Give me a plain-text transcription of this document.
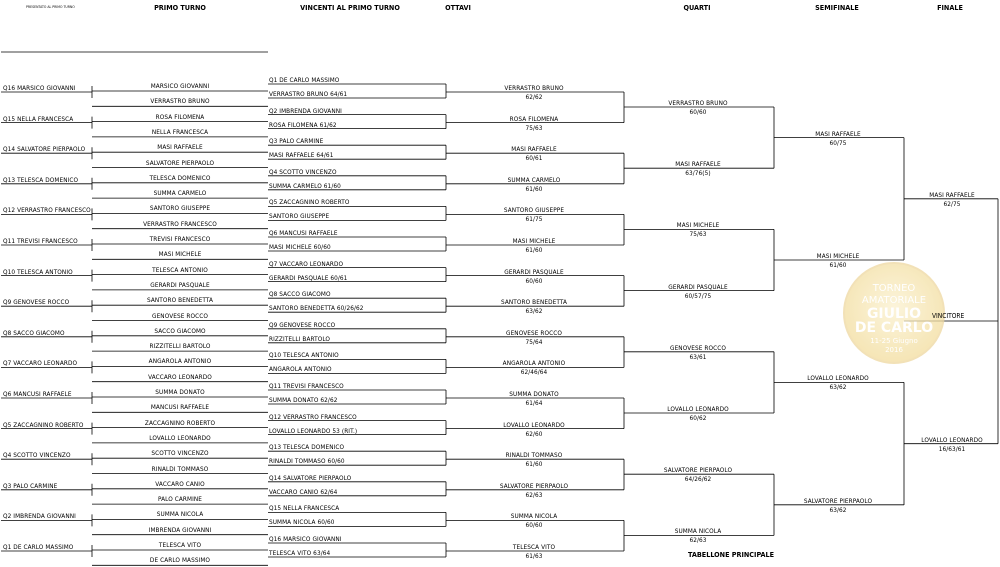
PRESENTATO AL PRIMO TURNO	PRIMO TURNO	VINCENTI AL PRIMO TURNO	OTTAVI	QUARTI	SEMIFINALE	FINALE
TORNEO
AMATORIALE
GIULIO
DE CARLO
11-25 Giugno
2016
VINCITORE
TABELLONE PRINCIPALE
Q16 MARSICO GIOVANNI
Q15 NELLA FRANCESCA
Q14 SALVATORE PIERPAOLO
Q13 TELESCA DOMENICO
Q12 VERRASTRO FRANCESCO
Q11 TREVISI FRANCESCO
Q10 TELESCA ANTONIO
Q9 GENOVESE ROCCO
Q8 SACCO GIACOMO
Q7 VACCARO LEONARDO
Q6 MANCUSI RAFFAELE
Q5 ZACCAGNINO ROBERTO
Q4 SCOTTO VINCENZO
Q3 PALO CARMINE
Q2 IMBRENDA GIOVANNI
Q1 DE CARLO MASSIMO
MARSICO GIOVANNI
VERRASTRO BRUNO
ROSA FILOMENA
NELLA FRANCESCA
MASI RAFFAELE
SALVATORE PIERPAOLO
TELESCA DOMENICO
SUMMA CARMELO
SANTORO GIUSEPPE
VERRASTRO FRANCESCO
TREVISI FRANCESCO
MASI MICHELE
TELESCA ANTONIO
GERARDI PASQUALE
SANTORO BENEDETTA
GENOVESE ROCCO
SACCO GIACOMO
RIZZITELLI BARTOLO
ANGAROLA ANTONIO
VACCARO LEONARDO
SUMMA DONATO
MANCUSI RAFFAELE
ZACCAGNINO ROBERTO
LOVALLO LEONARDO
SCOTTO VINCENZO
RINALDI TOMMASO
VACCARO CANIO
PALO CARMINE
SUMMA NICOLA
IMBRENDA GIOVANNI
TELESCA VITO
DE CARLO MASSIMO
Q1 DE CARLO MASSIMO
VERRASTRO BRUNO 64/61
Q2 IMBRENDA GIOVANNI
ROSA FILOMENA 61/62
Q3 PALO CARMINE
MASI RAFFAELE 64/61
Q4 SCOTTO VINCENZO
SUMMA CARMELO 61/60
Q5 ZACCAGNINO ROBERTO
SANTORO GIUSEPPE
Q6 MANCUSI RAFFAELE
MASI MICHELE 60/60
Q7 VACCARO LEONARDO
GERARDI PASQUALE 60/61
Q8 SACCO GIACOMO
SANTORO BENEDETTA 60/26/62
Q9 GENOVESE ROCCO
RIZZITELLI BARTOLO
Q10 TELESCA ANTONIO
ANGAROLA ANTONIO
Q11 TREVISI FRANCESCO
SUMMA DONATO 62/62
Q12 VERRASTRO FRANCESCO
LOVALLO LEONARDO 53 (RIT.)
Q13 TELESCA DOMENICO
RINALDI TOMMASO 60/60
Q14 SALVATORE PIERPAOLO
VACCARO CANIO 62/64
Q15 NELLA FRANCESCA
SUMMA NICOLA 60/60
Q16 MARSICO GIOVANNI
TELESCA VITO 63/64
VERRASTRO BRUNO
62/62
ROSA FILOMENA
75/63
MASI RAFFAELE
60/61
SUMMA CARMELO
61/60
SANTORO GIUSEPPE
61/75
MASI MICHELE
61/60
GERARDI PASQUALE
60/60
SANTORO BENEDETTA
63/62
GENOVESE ROCCO
75/64
ANGAROLA ANTONIO
62/46/64
SUMMA DONATO
61/64
LOVALLO LEONARDO
62/60
RINALDI TOMMASO
61/60
SALVATORE PIERPAOLO
62/63
SUMMA NICOLA
60/60
TELESCA VITO
61/63
VERRASTRO BRUNO
60/60
MASI RAFFAELE
63/76(5)
MASI MICHELE
75/63
GERARDI PASQUALE
60/57/75
GENOVESE ROCCO
63/61
LOVALLO LEONARDO
60/62
SALVATORE PIERPAOLO
64/26/62
SUMMA NICOLA
62/63
MASI RAFFAELE
60/75
MASI MICHELE
61/60
LOVALLO LEONARDO
63/62
SALVATORE PIERPAOLO
63/62
MASI RAFFAELE
62/75
LOVALLO LEONARDO
16/63/61
